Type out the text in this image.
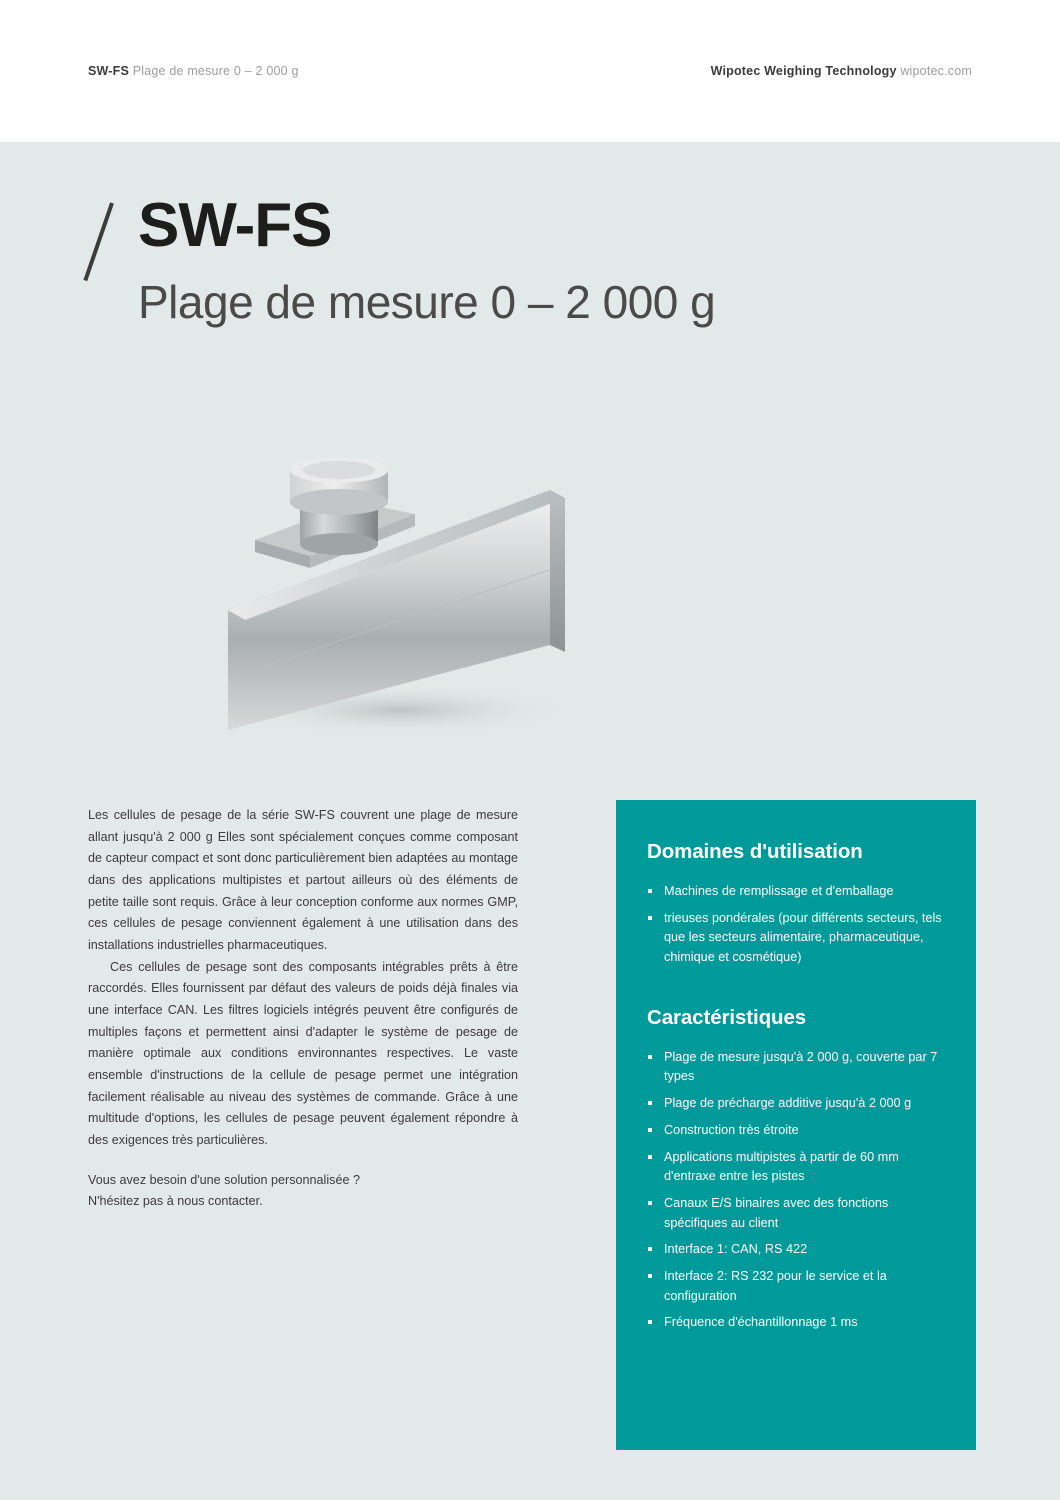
SW-FS Plage de mesure 0 – 2 000 g	Wipotec Weighing Technology wipotec.com
SW-FS
Plage de mesure 0 – 2 000 g

Les cellules de pesage de la série SW-FS couvrent une plage de mesure allant jusqu'à 2 000 g Elles sont spécialement conçues comme composant de capteur compact et sont donc particulièrement bien adaptées au montage dans des applications multipistes et partout ailleurs où des éléments de petite taille sont requis. Grâce à leur conception conforme aux normes GMP, ces cellules de pesage conviennent également à une utilisation dans des installations industrielles pharmaceutiques.

Ces cellules de pesage sont des composants intégrables prêts à être raccordés. Elles fournissent par défaut des valeurs de poids déjà finales via une interface CAN. Les filtres logiciels intégrés peuvent être configurés de multiples façons et permettent ainsi d'adapter le système de pesage de manière optimale aux conditions environnantes respectives. Le vaste ensemble d'instructions de la cellule de pesage permet une intégration facilement réalisable au niveau des systèmes de commande. Grâce à une multitude d'options, les cellules de pesage peuvent également répondre à des exigences très particulières.

Vous avez besoin d'une solution personnalisée ?

N'hésitez pas à nous contacter.

Domaines d'utilisation
Machines de remplissage et d'emballage
trieuses pondérales (pour différents secteurs, tels que les secteurs alimentaire, pharmaceutique, chimique et cosmétique)
Caractéristiques
Plage de mesure jusqu'à 2 000 g, couverte par 7 types
Plage de précharge additive jusqu'à 2 000 g
Construction très étroite
Applications multipistes à partir de 60 mm d'entraxe entre les pistes
Canaux E/S binaires avec des fonctions spécifiques au client
Interface 1: CAN, RS 422
Interface 2: RS 232 pour le service et la configuration
Fréquence d'échantillonnage 1 ms
